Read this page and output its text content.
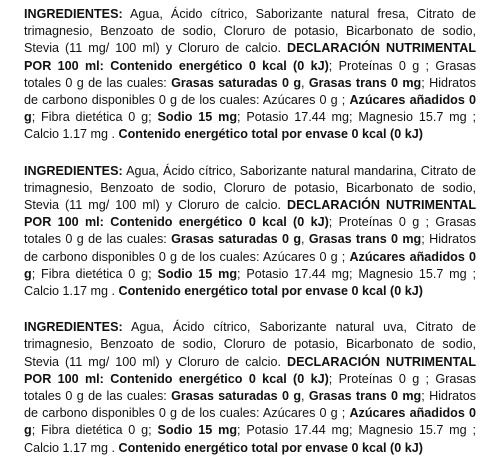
INGREDIENTES: Agua, Ácido cítrico, Saborizante natural fresa, Citrato de trimagnesio, Benzoato de sodio, Cloruro de potasio, Bicarbonato de sodio, Stevia (11 mg/ 100 ml) y Cloruro de calcio. DECLARACIÓN NUTRIMENTAL POR 100 ml: Contenido energético 0 kcal (0 kJ); Proteínas 0 g ; Grasas totales 0 g de las cuales: Grasas saturadas 0 g, Grasas trans 0 mg; Hidratos de carbono disponibles 0 g de los cuales: Azúcares 0 g ; Azúcares añadidos 0 g; Fibra dietética 0 g; Sodio 15 mg; Potasio 17.44 mg; Magnesio 15.7 mg ; Calcio 1.17 mg . Contenido energético total por envase 0 kcal (0 kJ)

INGREDIENTES: Agua, Ácido cítrico, Saborizante natural mandarina, Citrato de trimagnesio, Benzoato de sodio, Cloruro de potasio, Bicarbonato de sodio, Stevia (11 mg/ 100 ml) y Cloruro de calcio. DECLARACIÓN NUTRIMENTAL POR 100 ml: Contenido energético 0 kcal (0 kJ); Proteínas 0 g ; Grasas totales 0 g de las cuales: Grasas saturadas 0 g, Grasas trans 0 mg; Hidratos de carbono disponibles 0 g de los cuales: Azúcares 0 g ; Azúcares añadidos 0 g; Fibra dietética 0 g; Sodio 15 mg; Potasio 17.44 mg; Magnesio 15.7 mg ; Calcio 1.17 mg . Contenido energético total por envase 0 kcal (0 kJ)

INGREDIENTES: Agua, Ácido cítrico, Saborizante natural uva, Citrato de trimagnesio, Benzoato de sodio, Cloruro de potasio, Bicarbonato de sodio, Stevia (11 mg/ 100 ml) y Cloruro de calcio. DECLARACIÓN NUTRIMENTAL POR 100 ml: Contenido energético 0 kcal (0 kJ); Proteínas 0 g ; Grasas totales 0 g de las cuales: Grasas saturadas 0 g, Grasas trans 0 mg; Hidratos de carbono disponibles 0 g de los cuales: Azúcares 0 g ; Azúcares añadidos 0 g; Fibra dietética 0 g; Sodio 15 mg; Potasio 17.44 mg; Magnesio 15.7 mg ; Calcio 1.17 mg . Contenido energético total por envase 0 kcal (0 kJ)
